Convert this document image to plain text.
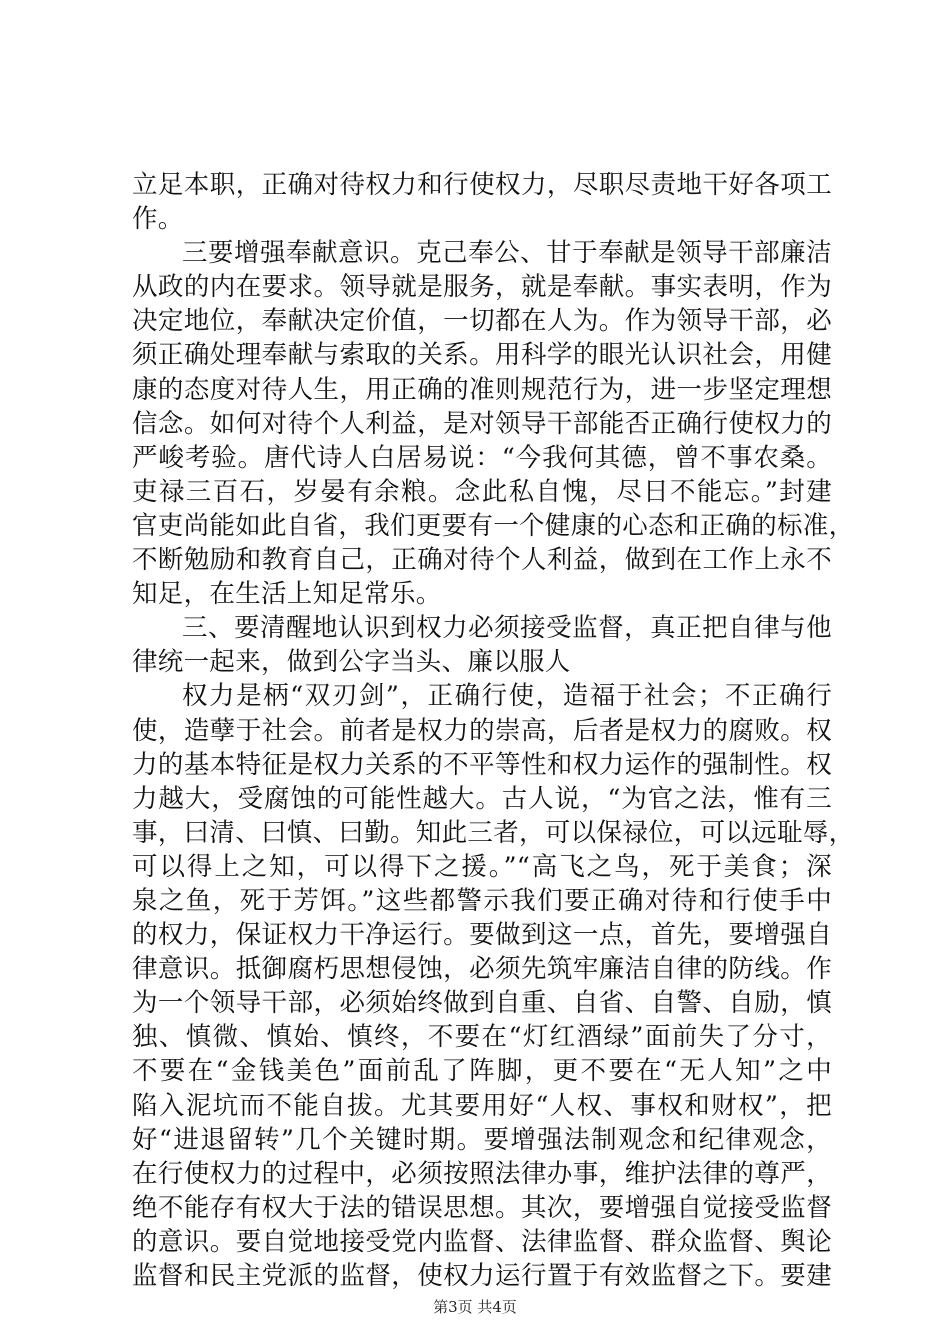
立足本职，正确对待权力和行使权力，尽职尽责地干好各项工
作。
三要增强奉献意识。克己奉公、甘于奉献是领导干部廉洁
从政的内在要求。领导就是服务，就是奉献。事实表明，作为
决定地位，奉献决定价值，一切都在人为。作为领导干部，必
须正确处理奉献与索取的关系。用科学的眼光认识社会，用健
康的态度对待人生，用正确的准则规范行为，进一步坚定理想
信念。如何对待个人利益，是对领导干部能否正确行使权力的
严峻考验。唐代诗人白居易说：“今我何其德，曾不事农桑。
吏禄三百石，岁晏有余粮。念此私自愧，尽日不能忘。”封建
官吏尚能如此自省，我们更要有一个健康的心态和正确的标准，
不断勉励和教育自己，正确对待个人利益，做到在工作上永不
知足，在生活上知足常乐。
三、要清醒地认识到权力必须接受监督，真正把自律与他
律统一起来，做到公字当头、廉以服人
权力是柄“双刃剑”，正确行使，造福于社会；不正确行
使，造孽于社会。前者是权力的崇高，后者是权力的腐败。权
力的基本特征是权力关系的不平等性和权力运作的强制性。权
力越大，受腐蚀的可能性越大。古人说，“为官之法，惟有三
事，曰清、曰慎、曰勤。知此三者，可以保禄位，可以远耻辱，
可以得上之知，可以得下之援。”“高飞之鸟，死于美食；深
泉之鱼，死于芳饵。”这些都警示我们要正确对待和行使手中
的权力，保证权力干净运行。要做到这一点，首先，要增强自
律意识。抵御腐朽思想侵蚀，必须先筑牢廉洁自律的防线。作
为一个领导干部，必须始终做到自重、自省、自警、自励，慎
独、慎微、慎始、慎终，不要在“灯红酒绿”面前失了分寸，
不要在“金钱美色”面前乱了阵脚，更不要在“无人知”之中
陷入泥坑而不能自拔。尤其要用好“人权、事权和财权”，把
好“进退留转”几个关键时期。要增强法制观念和纪律观念，
在行使权力的过程中，必须按照法律办事，维护法律的尊严，
绝不能存有权大于法的错误思想。其次，要增强自觉接受监督
的意识。要自觉地接受党内监督、法律监督、群众监督、舆论
监督和民主党派的监督，使权力运行置于有效监督之下。要建
第3页 共4页
